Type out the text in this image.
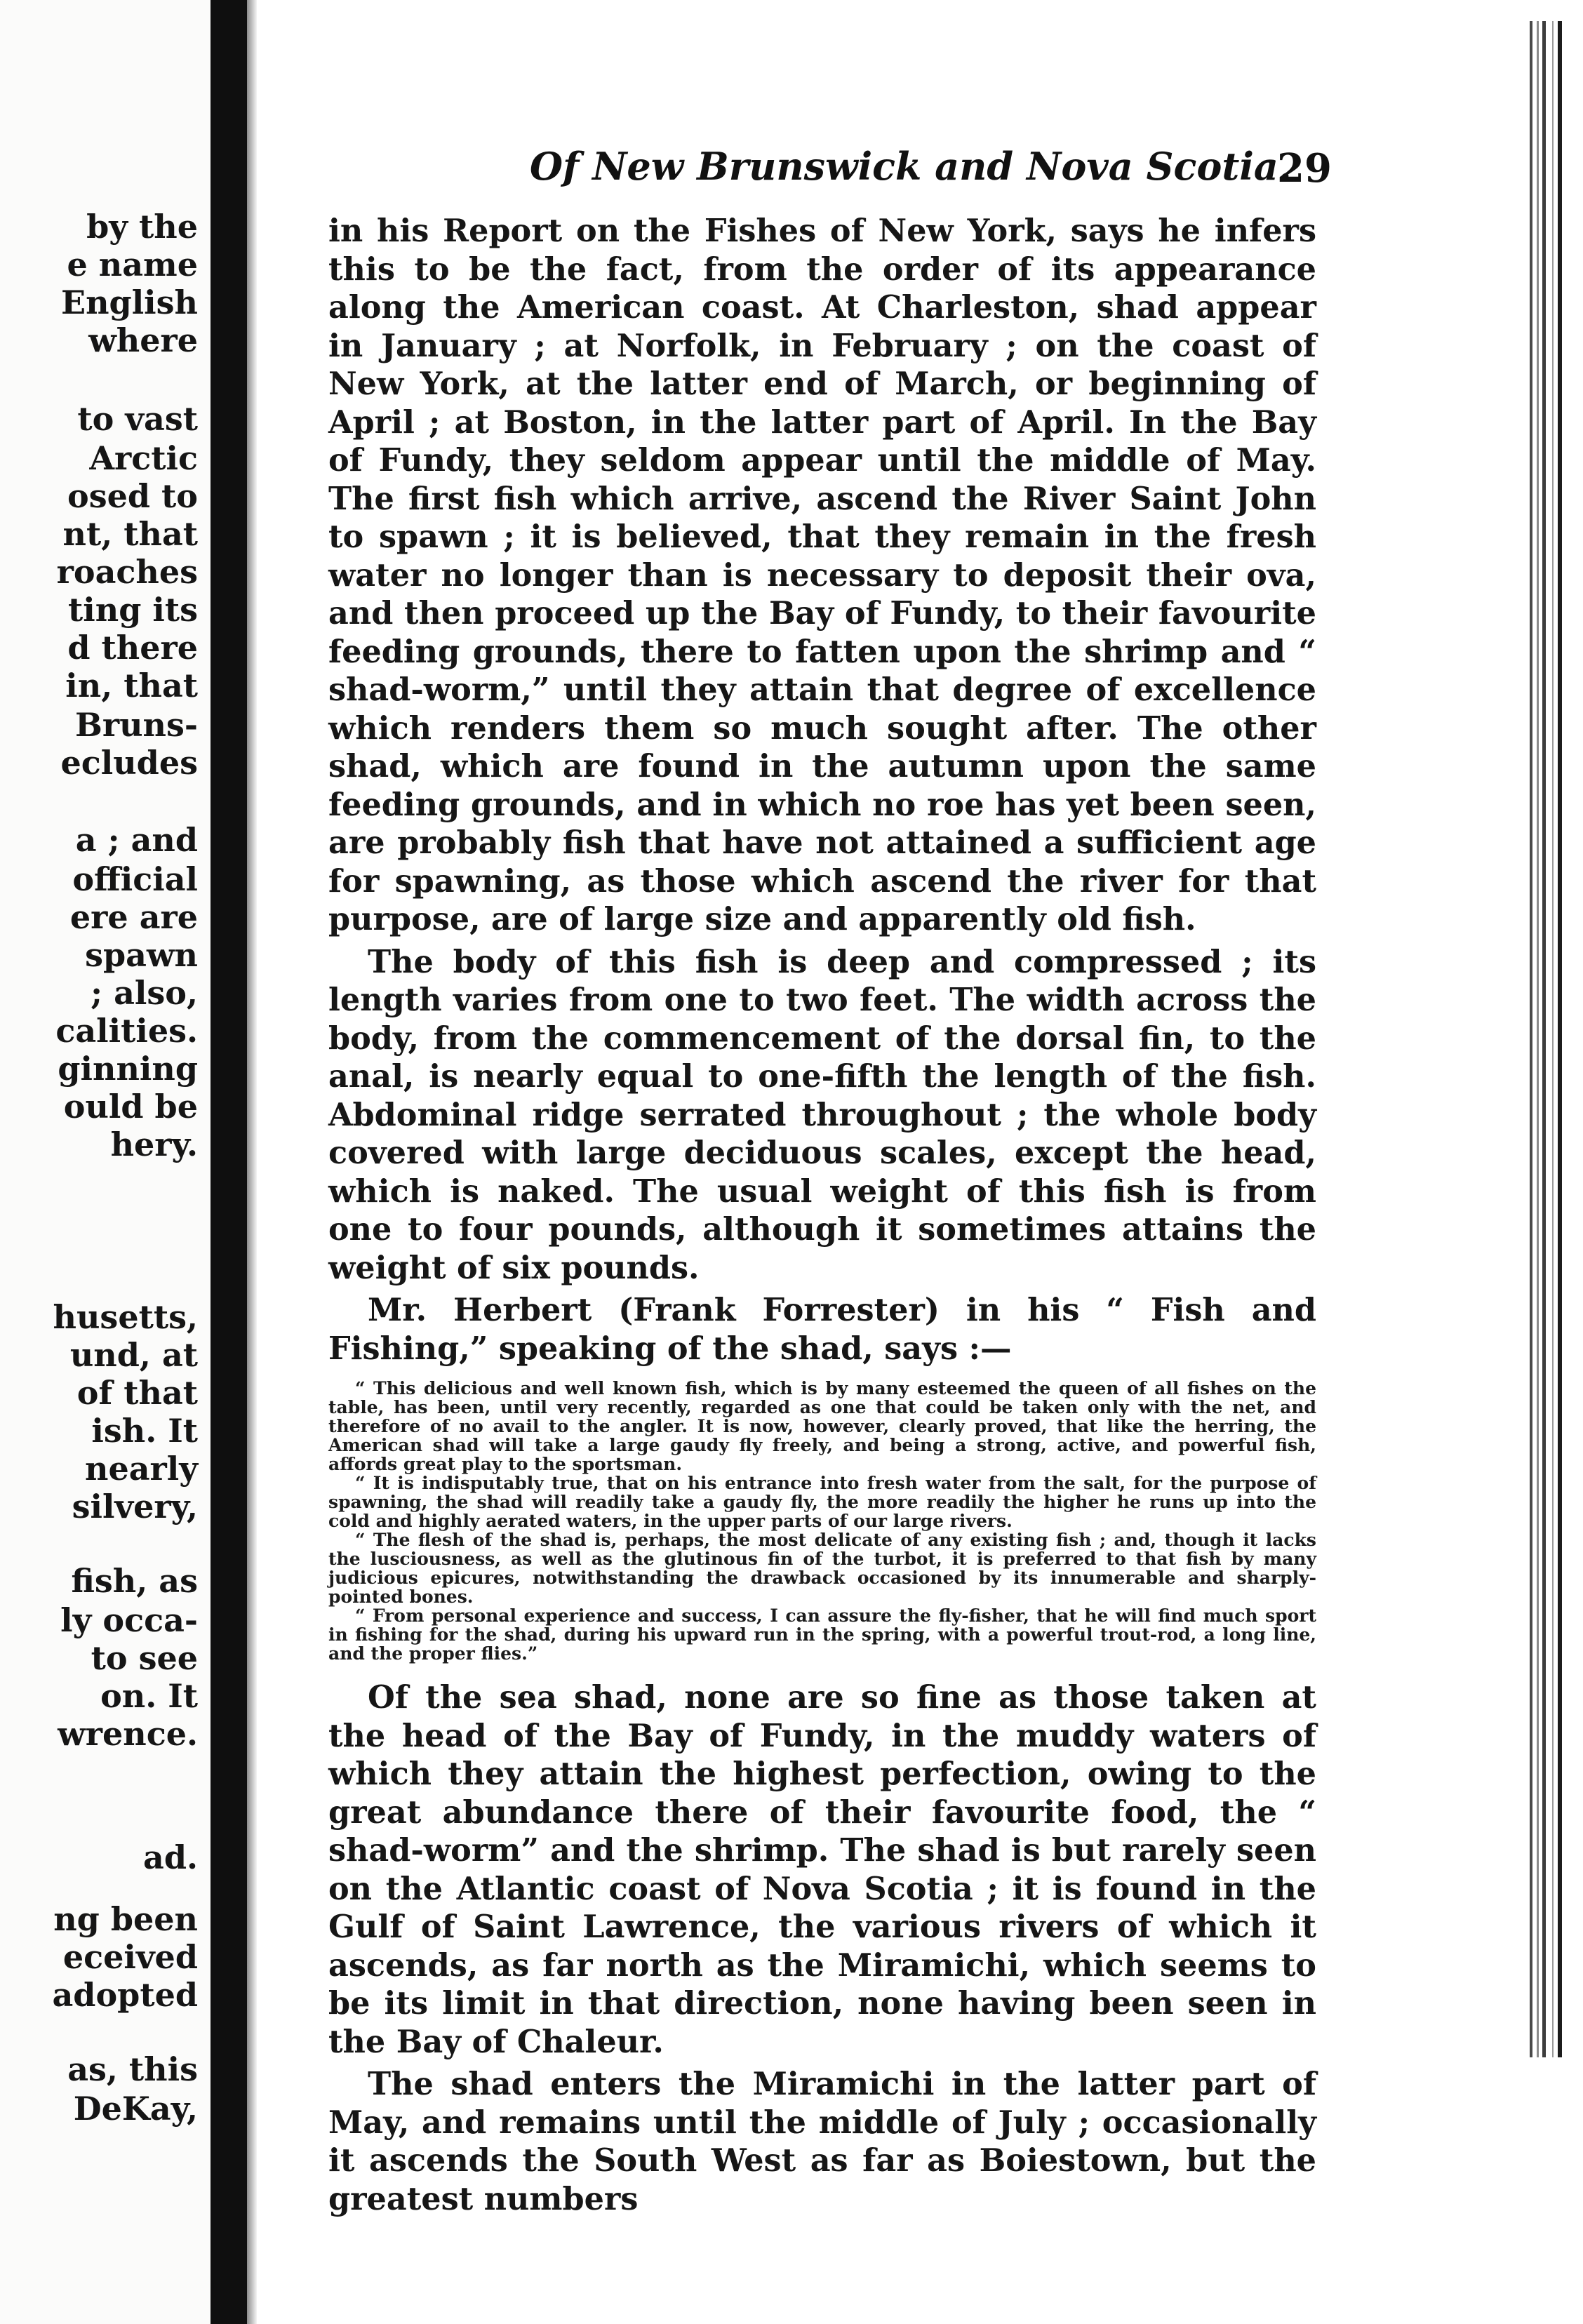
by the
e name
English
where
to vast
Arctic
osed to
nt, that
roaches
ting its
d there
in, that
Bruns-
ecludes
a ; and
official
ere are
spawn
; also,
calities.
ginning
ould be
hery.
husetts,
und, at
of that
ish. It
nearly
silvery,
fish, as
ly occa-
to see
on. It
wrence.
ad.
ng been
eceived
adopted
as, this
DeKay,
Of New Brunswick and Nova Scotia.
29

in his Report on the Fishes of New York, says he infers this to be the fact, from the order of its appearance along the American coast. At Charleston, shad appear in January ; at Norfolk, in February ; on the coast of New York, at the latter end of March, or beginning of April ; at Boston, in the latter part of April. In the Bay of Fundy, they seldom appear until the middle of May. The first fish which arrive, ascend the River Saint John to spawn ; it is believed, that they remain in the fresh water no longer than is necessary to deposit their ova, and then proceed up the Bay of Fundy, to their favourite feeding grounds, there to fatten upon the shrimp and “ shad-worm,” until they attain that degree of excellence which renders them so much sought after. The other shad, which are found in the autumn upon the same feeding grounds, and in which no roe has yet been seen, are probably fish that have not attained a sufficient age for spawning, as those which ascend the river for that purpose, are of large size and apparently old fish.

The body of this fish is deep and compressed ; its length varies from one to two feet. The width across the body, from the commencement of the dorsal fin, to the anal, is nearly equal to one-fifth the length of the fish. Abdominal ridge serrated throughout ; the whole body covered with large deciduous scales, except the head, which is naked. The usual weight of this fish is from one to four pounds, although it sometimes attains the weight of six pounds.

Mr. Herbert (Frank Forrester) in his “ Fish and Fishing,” speaking of the shad, says :—

“ This delicious and well known fish, which is by many esteemed the queen of all fishes on the table, has been, until very recently, regarded as one that could be taken only with the net, and therefore of no avail to the angler. It is now, however, clearly proved, that like the herring, the American shad will take a large gaudy fly freely, and being a strong, active, and powerful fish, affords great play to the sportsman.

“ It is indisputably true, that on his entrance into fresh water from the salt, for the purpose of spawning, the shad will readily take a gaudy fly, the more readily the higher he runs up into the cold and highly aerated waters, in the upper parts of our large rivers.

“ The flesh of the shad is, perhaps, the most delicate of any existing fish ; and, though it lacks the lusciousness, as well as the glutinous fin of the turbot, it is preferred to that fish by many judicious epicures, notwithstanding the drawback occasioned by its innumerable and sharply-pointed bones.

“ From personal experience and success, I can assure the fly-fisher, that he will find much sport in fishing for the shad, during his upward run in the spring, with a powerful trout-rod, a long line, and the proper flies.”

Of the sea shad, none are so fine as those taken at the head of the Bay of Fundy, in the muddy waters of which they attain the highest perfection, owing to the great abundance there of their favourite food, the “ shad-worm” and the shrimp. The shad is but rarely seen on the Atlantic coast of Nova Scotia ; it is found in the Gulf of Saint Lawrence, the various rivers of which it ascends, as far north as the Miramichi, which seems to be its limit in that direction, none having been seen in the Bay of Chaleur.

The shad enters the Miramichi in the latter part of May, and remains until the middle of July ; occasionally it ascends the South West as far as Boiestown, but the greatest numbers
